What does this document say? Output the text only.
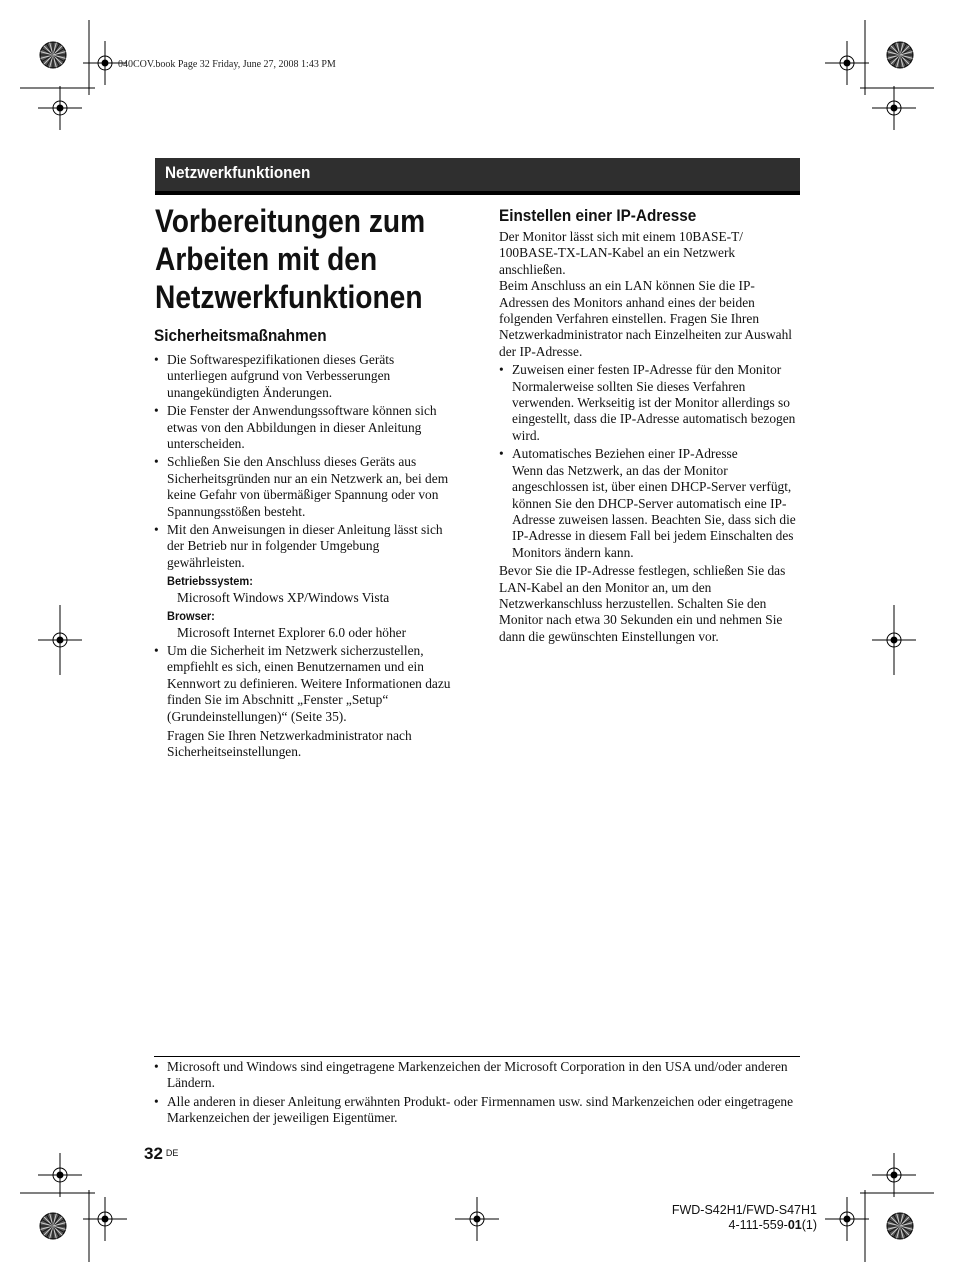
040COV.book Page 32 Friday, June 27, 2008 1:43 PM
Netzwerkfunktionen
Vorbereitungen zum Arbeiten mit den Netzwerkfunktionen
Sicherheitsmaßnahmen
• Die Softwarespezifikationen dieses Geräts unterliegen aufgrund von Verbesserungen unangekündigten Änderungen.
• Die Fenster der Anwendungssoftware können sich etwas von den Abbildungen in dieser Anleitung unterscheiden.
• Schließen Sie den Anschluss dieses Geräts aus Sicherheitsgründen nur an ein Netzwerk an, bei dem keine Gefahr von übermäßiger Spannung oder von Spannungsstößen besteht.
• Mit den Anweisungen in dieser Anleitung lässt sich der Betrieb nur in folgender Umgebung gewährleisten.
Betriebssystem:
Microsoft Windows XP/Windows Vista
Browser:
Microsoft Internet Explorer 6.0 oder höher
• Um die Sicherheit im Netzwerk sicherzustellen, empfiehlt es sich, einen Benutzernamen und ein Kennwort zu definieren. Weitere Informationen dazu finden Sie im Abschnitt „Fenster „Setup“ (Grundeinstellungen)“ (Seite 35).
Fragen Sie Ihren Netzwerkadministrator nach Sicherheitseinstellungen.
Einstellen einer IP-Adresse
Der Monitor lässt sich mit einem 10BASE-T/ 100BASE-TX-LAN-Kabel an ein Netzwerk anschließen.
Beim Anschluss an ein LAN können Sie die IP-Adressen des Monitors anhand eines der beiden folgenden Verfahren einstellen. Fragen Sie Ihren Netzwerkadministrator nach Einzelheiten zur Auswahl der IP-Adresse.
• Zuweisen einer festen IP-Adresse für den Monitor
Normalerweise sollten Sie dieses Verfahren verwenden. Werkseitig ist der Monitor allerdings so eingestellt, dass die IP-Adresse automatisch bezogen wird.
• Automatisches Beziehen einer IP-Adresse
Wenn das Netzwerk, an das der Monitor angeschlossen ist, über einen DHCP-Server verfügt, können Sie den DHCP-Server automatisch eine IP-Adresse zuweisen lassen. Beachten Sie, dass sich die IP-Adresse in diesem Fall bei jedem Einschalten des Monitors ändern kann.
Bevor Sie die IP-Adresse festlegen, schließen Sie das LAN-Kabel an den Monitor an, um den Netzwerkanschluss herzustellen. Schalten Sie den Monitor nach etwa 30 Sekunden ein und nehmen Sie dann die gewünschten Einstellungen vor.
• Microsoft und Windows sind eingetragene Markenzeichen der Microsoft Corporation in den USA und/oder anderen Ländern.
• Alle anderen in dieser Anleitung erwähnten Produkt- oder Firmennamen usw. sind Markenzeichen oder eingetragene Markenzeichen der jeweiligen Eigentümer.
32 DE
FWD-S42H1/FWD-S47H1
4-111-559-01(1)
